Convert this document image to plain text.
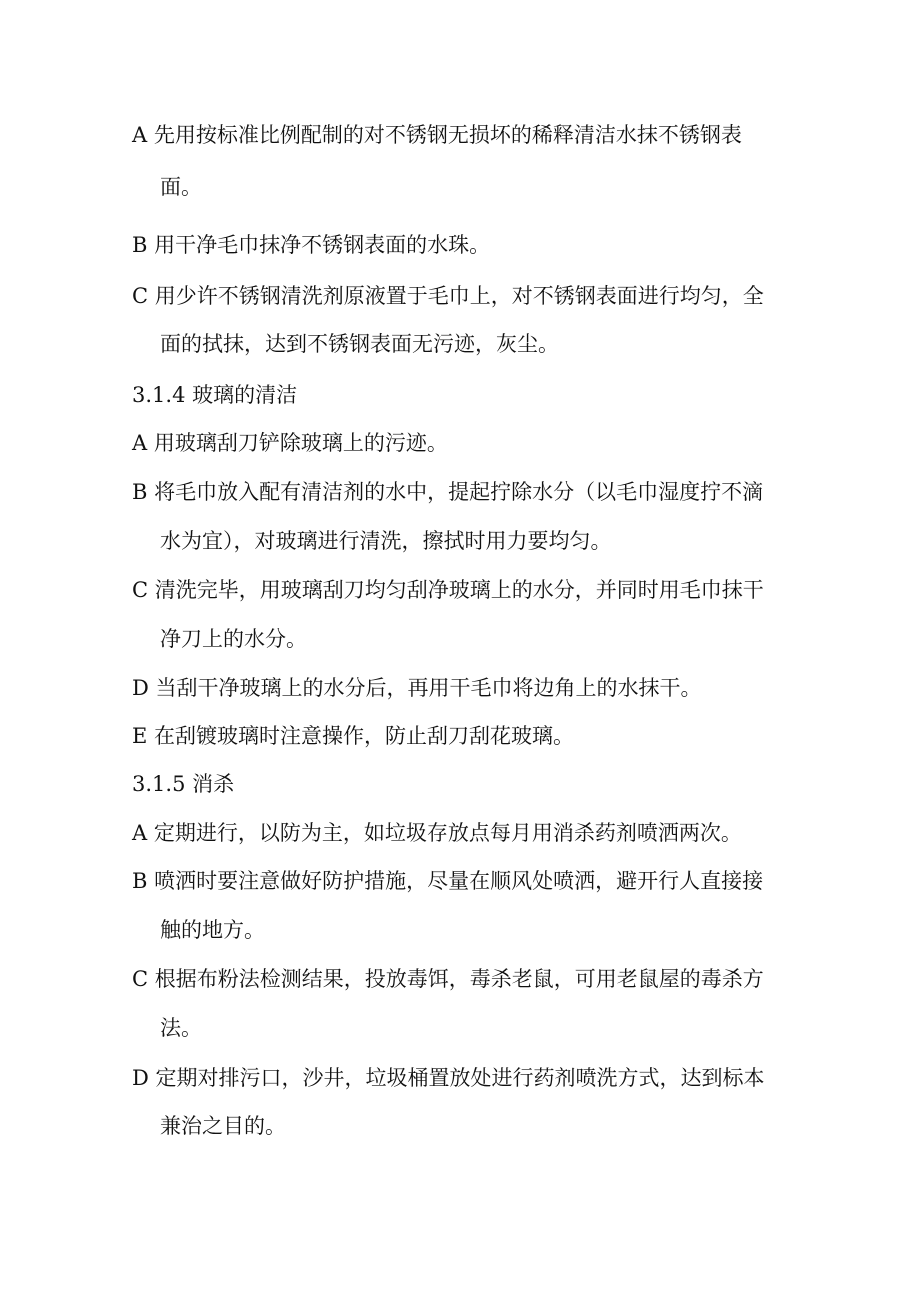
A 先用按标准比例配制的对不锈钢无损坏的稀释清洁水抹不锈钢表
面。
B 用干净毛巾抹净不锈钢表面的水珠。
C 用少许不锈钢清洗剂原液置于毛巾上，对不锈钢表面进行均匀，全
面的拭抹，达到不锈钢表面无污迹，灰尘。
3.1.4 玻璃的清洁
A 用玻璃刮刀铲除玻璃上的污迹。
B 将毛巾放入配有清洁剂的水中，提起拧除水分（以毛巾湿度拧不滴
水为宜），对玻璃进行清洗，擦拭时用力要均匀。
C 清洗完毕，用玻璃刮刀均匀刮净玻璃上的水分，并同时用毛巾抹干
净刀上的水分。
D 当刮干净玻璃上的水分后，再用干毛巾将边角上的水抹干。
E 在刮镀玻璃时注意操作，防止刮刀刮花玻璃。
3.1.5 消杀
A 定期进行，以防为主，如垃圾存放点每月用消杀药剂喷洒两次。
B 喷洒时要注意做好防护措施，尽量在顺风处喷洒，避开行人直接接
触的地方。
C 根据布粉法检测结果，投放毒饵，毒杀老鼠，可用老鼠屋的毒杀方
法。
D 定期对排污口，沙井，垃圾桶置放处进行药剂喷洗方式，达到标本
兼治之目的。
